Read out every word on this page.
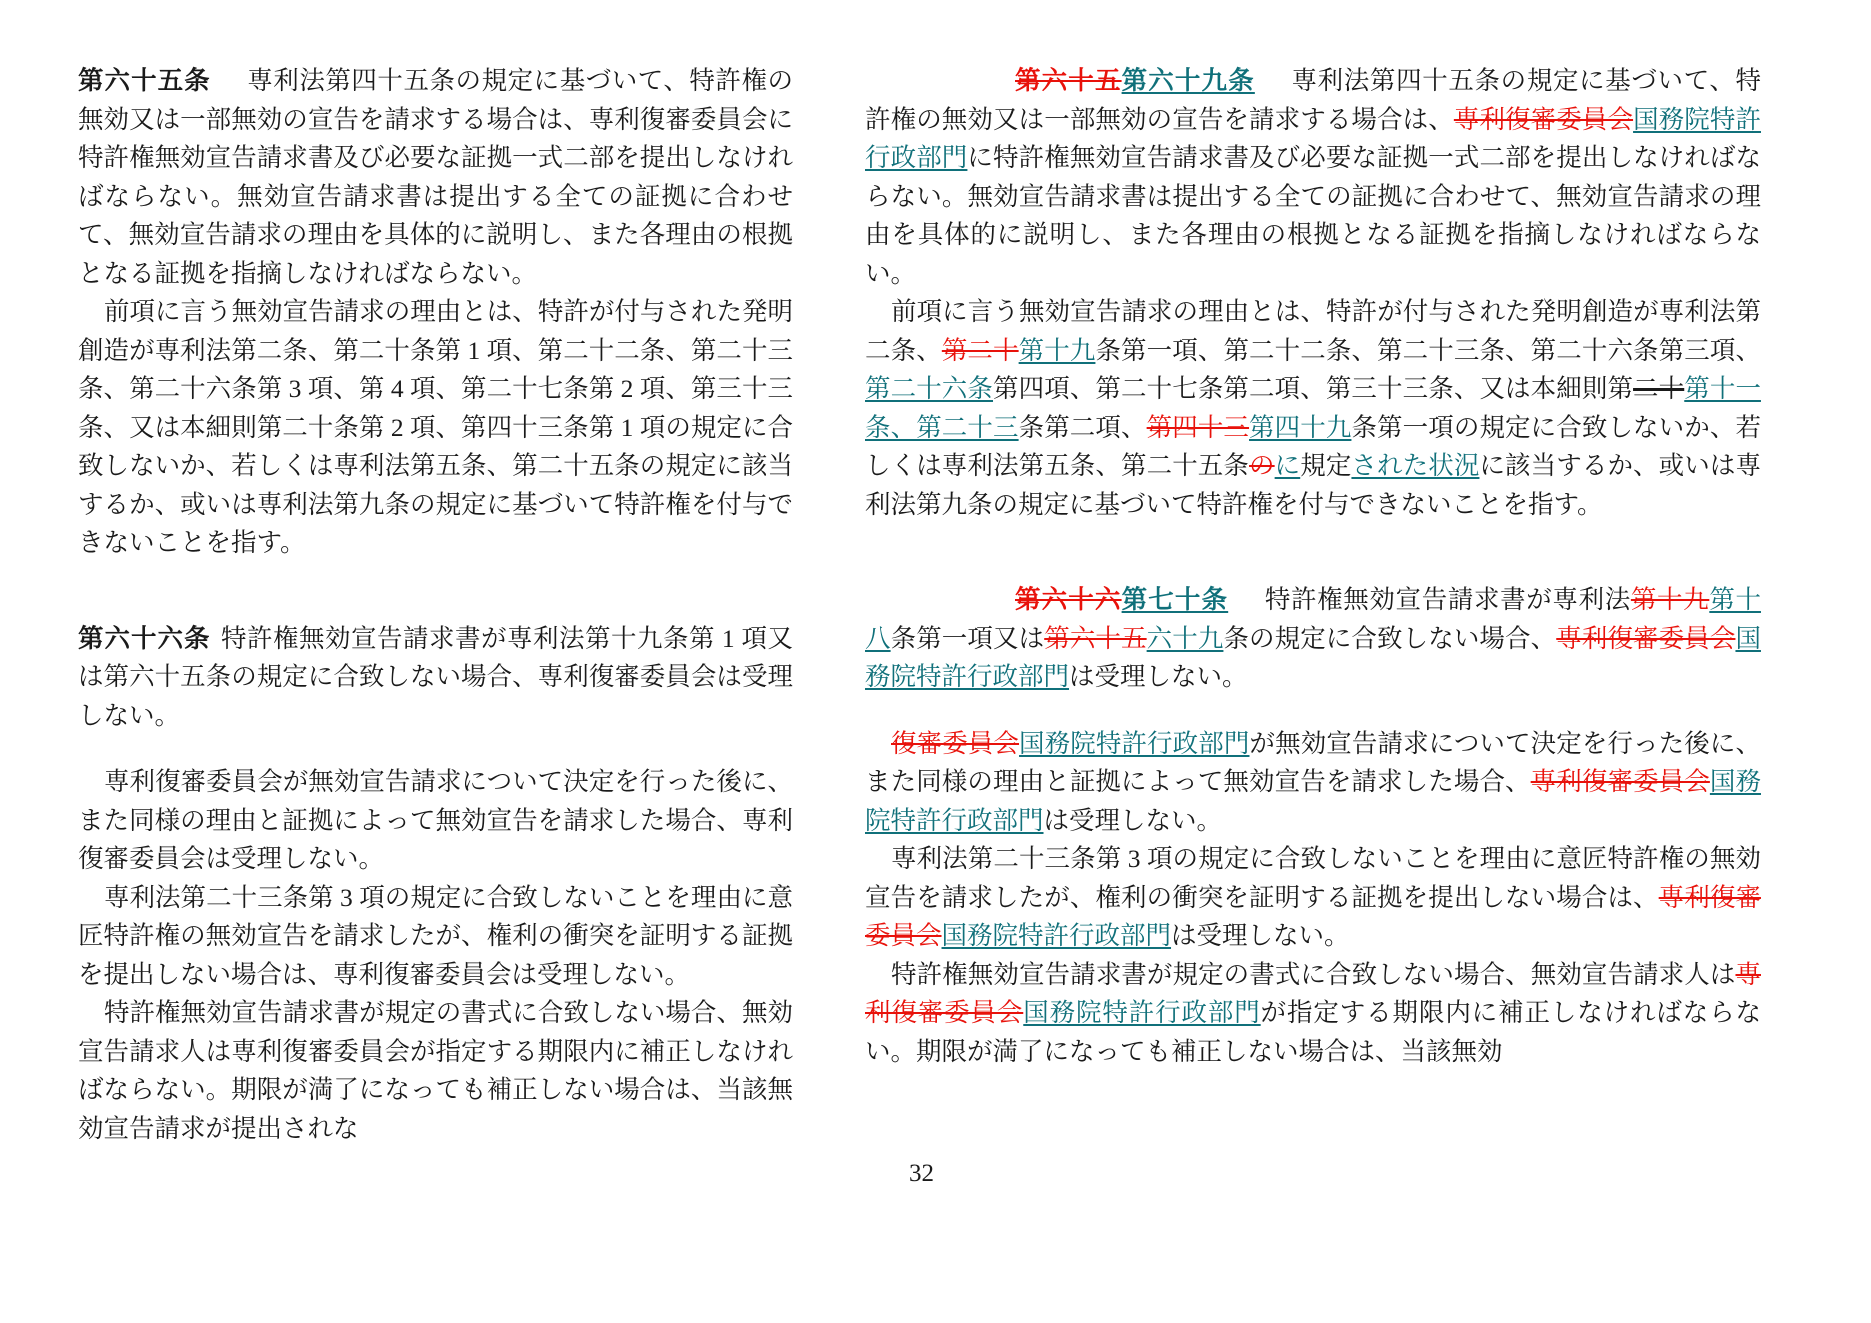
第六十五条 専利法第四十五条の規定に基づいて、特許権の無効又は一部無効の宣告を請求する場合は、専利復審委員会に特許権無効宣告請求書及び必要な証拠一式二部を提出しなければならない。無効宣告請求書は提出する全ての証拠に合わせて、無効宣告請求の理由を具体的に説明し、また各理由の根拠となる証拠を指摘しなければならない。

前項に言う無効宣告請求の理由とは、特許が付与された発明創造が専利法第二条、第二十条第 1 項、第二十二条、第二十三条、第二十六条第 3 項、第 4 項、第二十七条第 2 項、第三十三条、又は本細則第二十条第 2 項、第四十三条第 1 項の規定に合致しないか、若しくは専利法第五条、第二十五条の規定に該当するか、或いは専利法第九条の規定に基づいて特許権を付与できないことを指す。

第六十六条 特許権無効宣告請求書が専利法第十九条第 1 項又は第六十五条の規定に合致しない場合、専利復審委員会は受理しない。

専利復審委員会が無効宣告請求について決定を行った後に、また同様の理由と証拠によって無効宣告を請求した場合、専利復審委員会は受理しない。

専利法第二十三条第 3 項の規定に合致しないことを理由に意匠特許権の無効宣告を請求したが、権利の衝突を証明する証拠を提出しない場合は、専利復審委員会は受理しない。

特許権無効宣告請求書が規定の書式に合致しない場合、無効宣告請求人は専利復審委員会が指定する期限内に補正しなければならない。期限が満了になっても補正しない場合は、当該無効宣告請求が提出されな

第六十五第六十九条 専利法第四十五条の規定に基づいて、特許権の無効又は一部無効の宣告を請求する場合は、専利復審委員会国務院特許行政部門に特許権無効宣告請求書及び必要な証拠一式二部を提出しなければならない。無効宣告請求書は提出する全ての証拠に合わせて、無効宣告請求の理由を具体的に説明し、また各理由の根拠となる証拠を指摘しなければならない。

前項に言う無効宣告請求の理由とは、特許が付与された発明創造が専利法第二条、第二十第十九条第一項、第二十二条、第二十三条、第二十六条第三項、第二十六条第四項、第二十七条第二項、第三十三条、又は本細則第二十第十一条、第二十三条第二項、第四十三第四十九条第一項の規定に合致しないか、若しくは専利法第五条、第二十五条のに規定された状況に該当するか、或いは専利法第九条の規定に基づいて特許権を付与できないことを指す。

第六十六第七十条 特許権無効宣告請求書が専利法第十九第十八条第一項又は第六十五六十九条の規定に合致しない場合、専利復審委員会国務院特許行政部門は受理しない。

復審委員会国務院特許行政部門が無効宣告請求について決定を行った後に、また同様の理由と証拠によって無効宣告を請求した場合、専利復審委員会国務院特許行政部門は受理しない。

専利法第二十三条第 3 項の規定に合致しないことを理由に意匠特許権の無効宣告を請求したが、権利の衝突を証明する証拠を提出しない場合は、専利復審委員会国務院特許行政部門は受理しない。

特許権無効宣告請求書が規定の書式に合致しない場合、無効宣告請求人は専利復審委員会国務院特許行政部門が指定する期限内に補正しなければならない。期限が満了になっても補正しない場合は、当該無効

32
